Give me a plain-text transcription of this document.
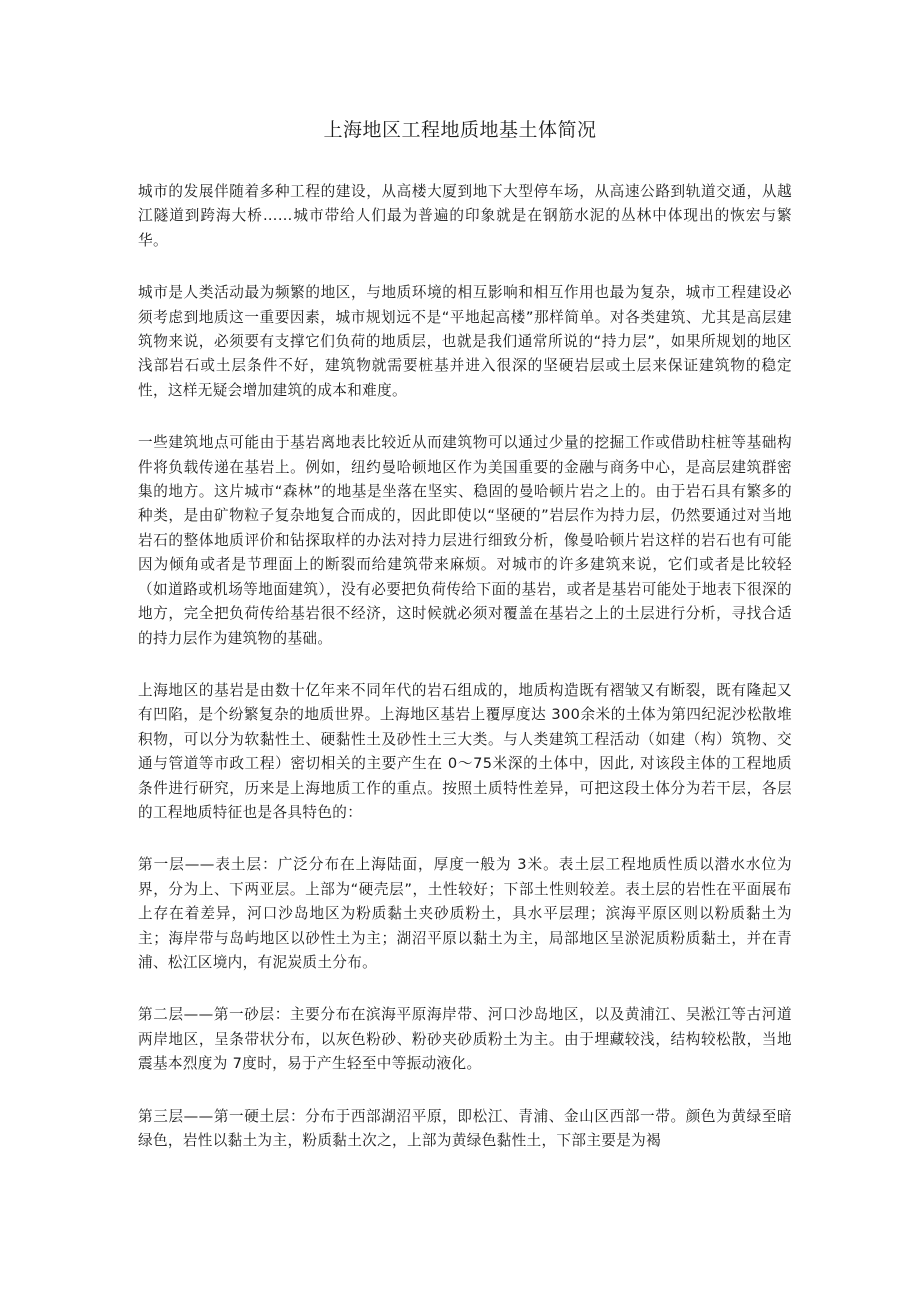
上海地区工程地质地基土体简况

城市的发展伴随着多种工程的建设，从高楼大厦到地下大型停车场，从高速公路到轨道交通，从越江隧道到跨海大桥……城市带给人们最为普遍的印象就是在钢筋水泥的丛林中体现出的恢宏与繁华。

城市是人类活动最为频繁的地区，与地质环境的相互影响和相互作用也最为复杂，城市工程建设必须考虑到地质这一重要因素，城市规划远不是“平地起高楼”那样简单。对各类建筑、尤其是高层建筑物来说，必须要有支撑它们负荷的地质层，也就是我们通常所说的“持力层”，如果所规划的地区浅部岩石或土层条件不好，建筑物就需要桩基并进入很深的坚硬岩层或土层来保证建筑物的稳定性，这样无疑会增加建筑的成本和难度。

一些建筑地点可能由于基岩离地表比较近从而建筑物可以通过少量的挖掘工作或借助柱桩等基础构件将负载传递在基岩上。例如，纽约曼哈顿地区作为美国重要的金融与商务中心，是高层建筑群密集的地方。这片城市“森林”的地基是坐落在坚实、稳固的曼哈顿片岩之上的。由于岩石具有繁多的种类，是由矿物粒子复杂地复合而成的，因此即使以“坚硬的”岩层作为持力层，仍然要通过对当地岩石的整体地质评价和钻探取样的办法对持力层进行细致分析，像曼哈顿片岩这样的岩石也有可能因为倾角或者是节理面上的断裂而给建筑带来麻烦。对城市的许多建筑来说，它们或者是比较轻（如道路或机场等地面建筑），没有必要把负荷传给下面的基岩，或者是基岩可能处于地表下很深的地方，完全把负荷传给基岩很不经济，这时候就必须对覆盖在基岩之上的土层进行分析，寻找合适的持力层作为建筑物的基础。

上海地区的基岩是由数十亿年来不同年代的岩石组成的，地质构造既有褶皱又有断裂，既有隆起又有凹陷，是个纷繁复杂的地质世界。上海地区基岩上覆厚度达 300余米的土体为第四纪泥沙松散堆积物，可以分为软黏性土、硬黏性土及砂性土三大类。与人类建筑工程活动（如建（构）筑物、交通与管道等市政工程）密切相关的主要产生在 0～75米深的土体中，因此, 对该段主体的工程地质条件进行研究，历来是上海地质工作的重点。按照土质特性差异，可把这段土体分为若干层，各层的工程地质特征也是各具特色的：

第一层——表土层：广泛分布在上海陆面，厚度一般为 3米。表土层工程地质性质以潜水水位为界，分为上、下两亚层。上部为“硬壳层”，土性较好；下部土性则较差。表土层的岩性在平面展布上存在着差异，河口沙岛地区为粉质黏土夹砂质粉土，具水平层理；滨海平原区则以粉质黏土为主；海岸带与岛屿地区以砂性土为主；湖沼平原以黏土为主，局部地区呈淤泥质粉质黏土，并在青浦、松江区境内，有泥炭质土分布。

第二层——第一砂层：主要分布在滨海平原海岸带、河口沙岛地区，以及黄浦江、吴淞江等古河道两岸地区，呈条带状分布，以灰色粉砂、粉砂夹砂质粉土为主。由于埋藏较浅，结构较松散，当地震基本烈度为 7度时，易于产生轻至中等振动液化。

第三层——第一硬土层：分布于西部湖沼平原，即松江、青浦、金山区西部一带。颜色为黄绿至暗绿色，岩性以黏土为主，粉质黏土次之，上部为黄绿色黏性土，下部主要是为褐
